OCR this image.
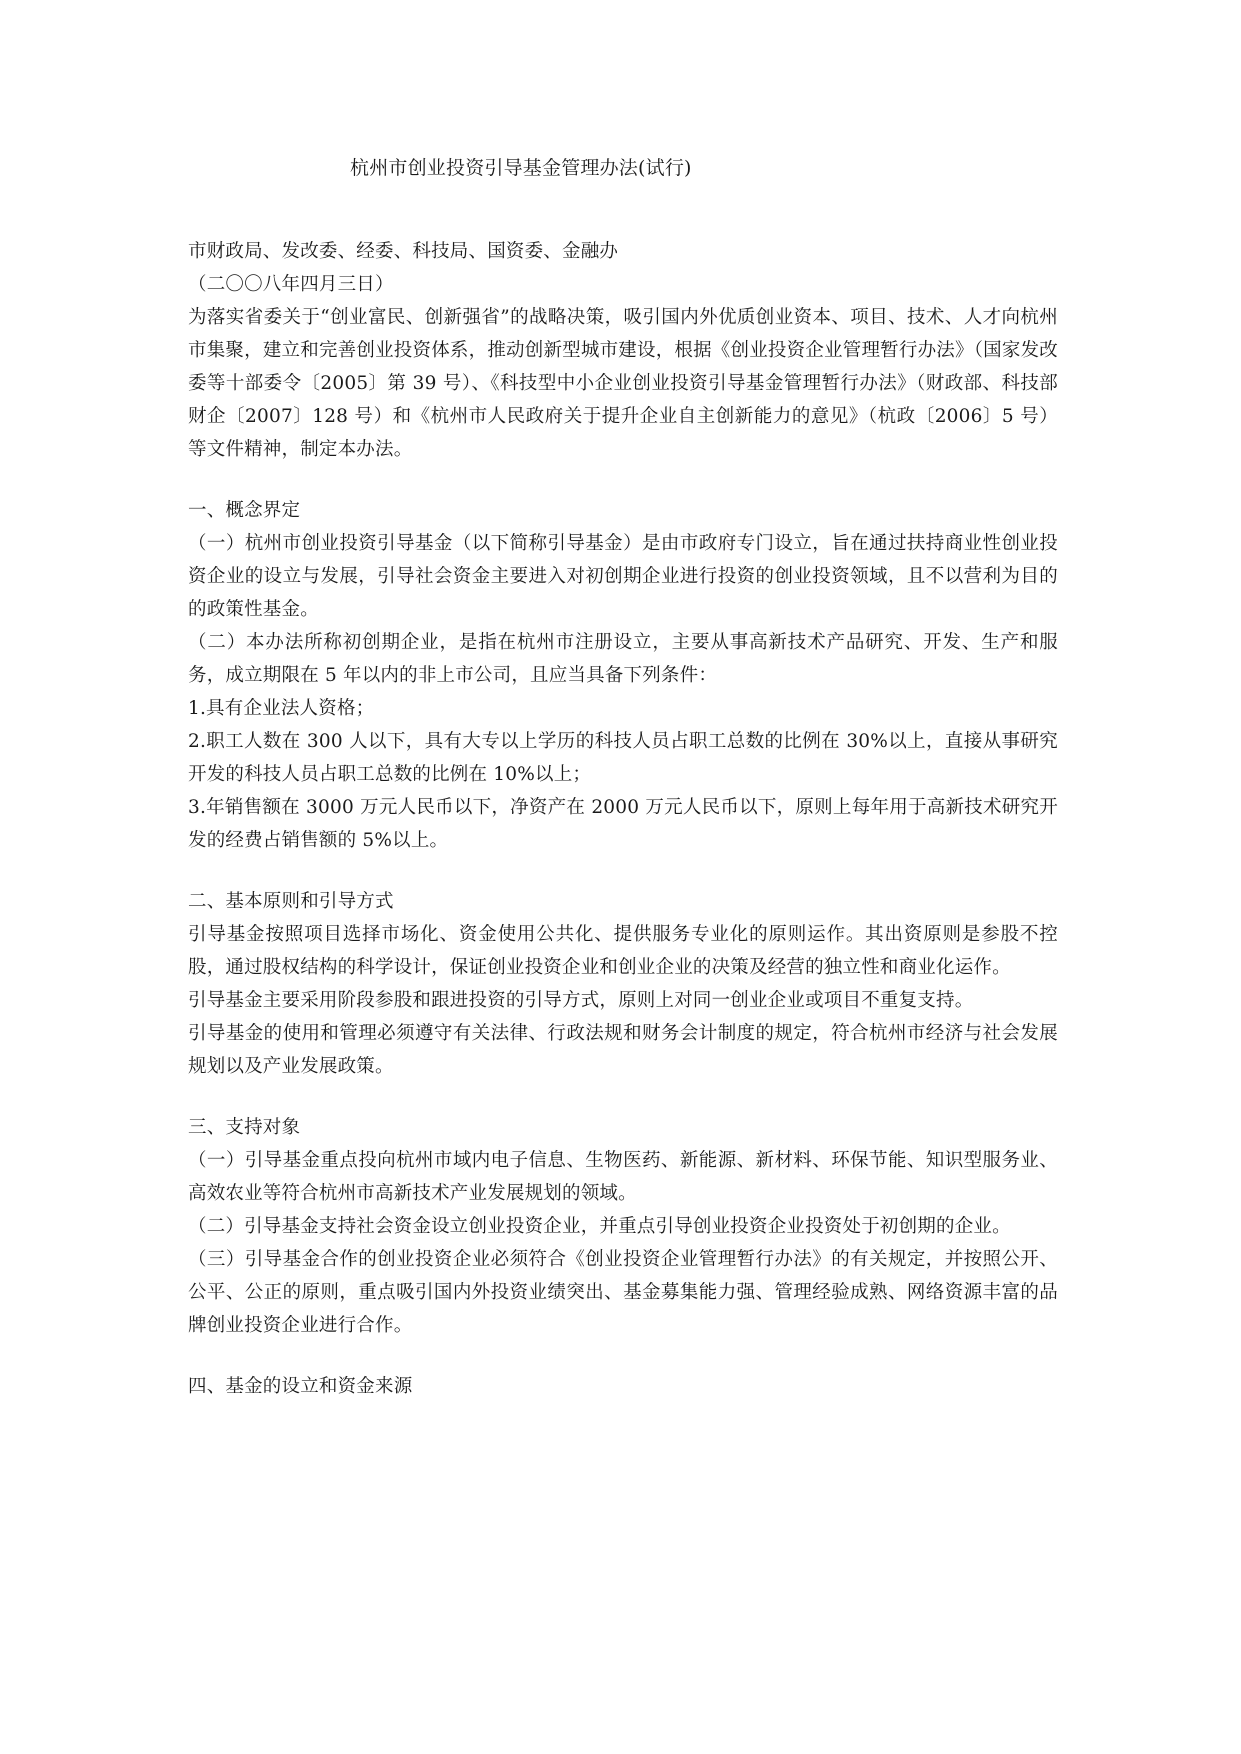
杭州市创业投资引导基金管理办法(试行)

市财政局、发改委、经委、科技局、国资委、金融办

（二〇〇八年四月三日）

为落实省委关于“创业富民、创新强省”的战略决策，吸引国内外优质创业资本、项目、技术、人才向杭州市集聚，建立和完善创业投资体系，推动创新型城市建设，根据《创业投资企业管理暂行办法》（国家发改委等十部委令〔2005〕第 39 号）、《科技型中小企业创业投资引导基金管理暂行办法》（财政部、科技部财企〔2007〕128 号）和《杭州市人民政府关于提升企业自主创新能力的意见》（杭政〔2006〕5 号）等文件精神，制定本办法。

一、概念界定

（一）杭州市创业投资引导基金（以下简称引导基金）是由市政府专门设立，旨在通过扶持商业性创业投资企业的设立与发展，引导社会资金主要进入对初创期企业进行投资的创业投资领域，且不以营利为目的的政策性基金。

（二）本办法所称初创期企业，是指在杭州市注册设立，主要从事高新技术产品研究、开发、生产和服务，成立期限在 5 年以内的非上市公司，且应当具备下列条件：

1.具有企业法人资格；

2.职工人数在 300 人以下，具有大专以上学历的科技人员占职工总数的比例在 30%以上，直接从事研究开发的科技人员占职工总数的比例在 10%以上；

3.年销售额在 3000 万元人民币以下，净资产在 2000 万元人民币以下，原则上每年用于高新技术研究开发的经费占销售额的 5%以上。

二、基本原则和引导方式

引导基金按照项目选择市场化、资金使用公共化、提供服务专业化的原则运作。其出资原则是参股不控股，通过股权结构的科学设计，保证创业投资企业和创业企业的决策及经营的独立性和商业化运作。

引导基金主要采用阶段参股和跟进投资的引导方式，原则上对同一创业企业或项目不重复支持。

引导基金的使用和管理必须遵守有关法律、行政法规和财务会计制度的规定，符合杭州市经济与社会发展规划以及产业发展政策。

三、支持对象

（一）引导基金重点投向杭州市域内电子信息、生物医药、新能源、新材料、环保节能、知识型服务业、高效农业等符合杭州市高新技术产业发展规划的领域。

（二）引导基金支持社会资金设立创业投资企业，并重点引导创业投资企业投资处于初创期的企业。

（三）引导基金合作的创业投资企业必须符合《创业投资企业管理暂行办法》的有关规定，并按照公开、公平、公正的原则，重点吸引国内外投资业绩突出、基金募集能力强、管理经验成熟、网络资源丰富的品牌创业投资企业进行合作。

四、基金的设立和资金来源
